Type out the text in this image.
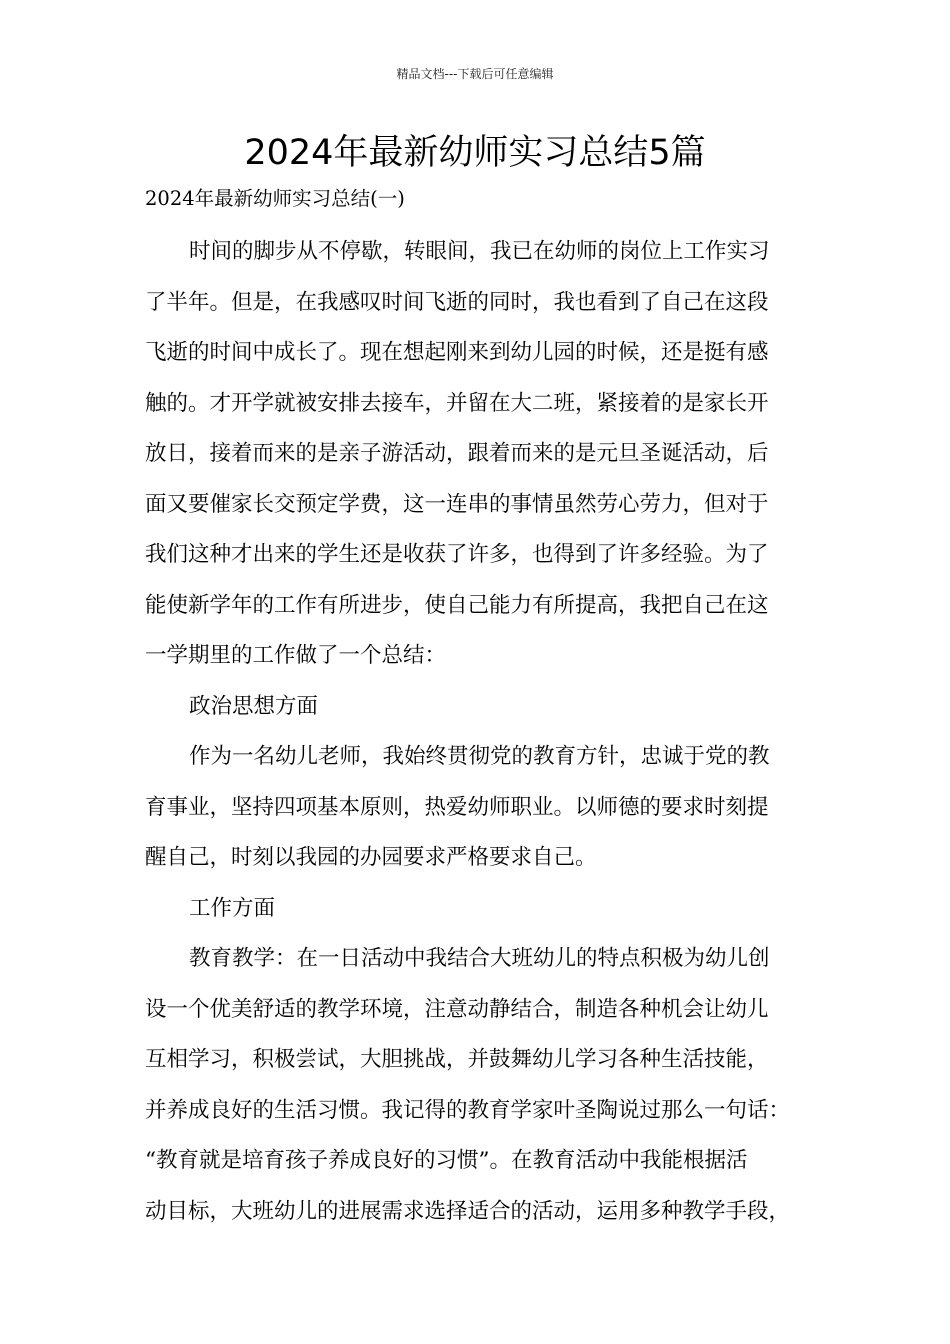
精品文档---下载后可任意编辑
2024年最新幼师实习总结5篇
2024年最新幼师实习总结(一)

时间的脚步从不停歇，转眼间，我已在幼师的岗位上工作实习

了半年。但是，在我感叹时间飞逝的同时，我也看到了自己在这段

飞逝的时间中成长了。现在想起刚来到幼儿园的时候，还是挺有感

触的。才开学就被安排去接车，并留在大二班，紧接着的是家长开

放日，接着而来的是亲子游活动，跟着而来的是元旦圣诞活动，后

面又要催家长交预定学费，这一连串的事情虽然劳心劳力，但对于

我们这种才出来的学生还是收获了许多，也得到了许多经验。为了

能使新学年的工作有所进步，使自己能力有所提高，我把自己在这

一学期里的工作做了一个总结：

政治思想方面

作为一名幼儿老师，我始终贯彻党的教育方针，忠诚于党的教

育事业，坚持四项基本原则，热爱幼师职业。以师德的要求时刻提

醒自己，时刻以我园的办园要求严格要求自己。

工作方面

教育教学：在一日活动中我结合大班幼儿的特点积极为幼儿创

设一个优美舒适的教学环境，注意动静结合，制造各种机会让幼儿

互相学习，积极尝试，大胆挑战，并鼓舞幼儿学习各种生活技能，

并养成良好的生活习惯。我记得的教育学家叶圣陶说过那么一句话：

“教育就是培育孩子养成良好的习惯”。在教育活动中我能根据活

动目标，大班幼儿的进展需求选择适合的活动，运用多种教学手段，
